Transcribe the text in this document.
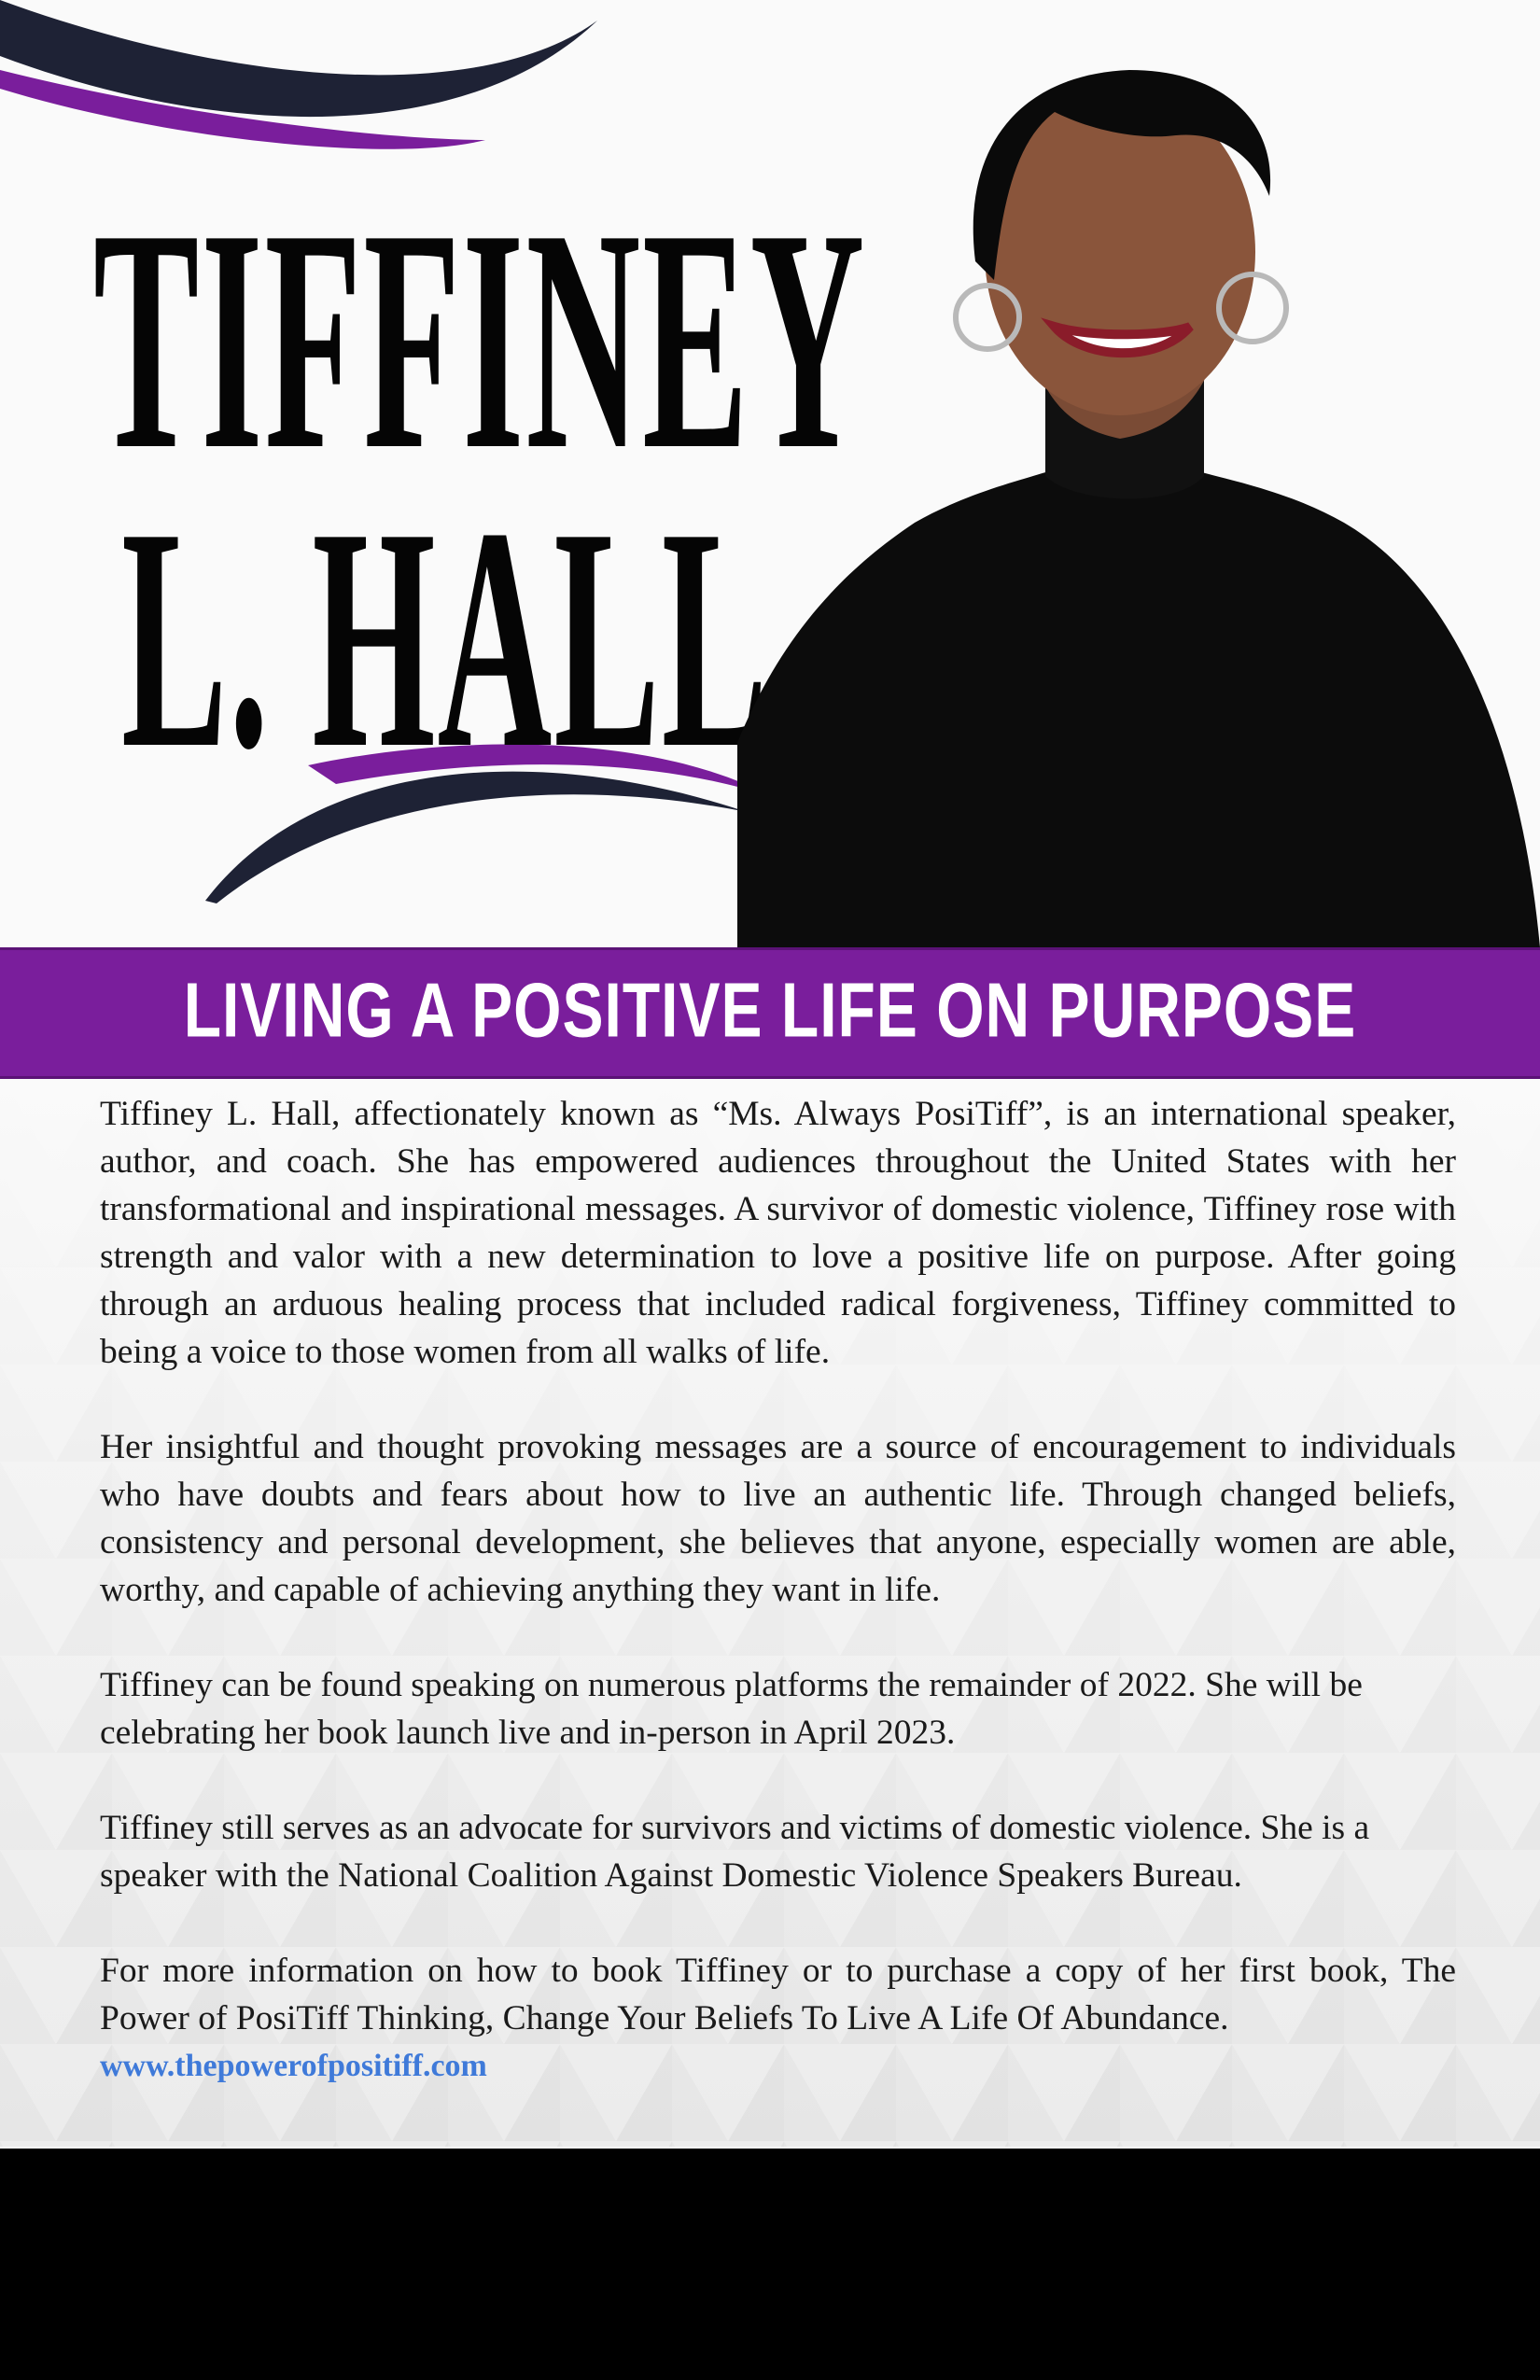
TIFFINEY
L. HALL
LIVING A POSITIVE LIFE ON PURPOSE

Tiffiney L. Hall, affectionately known as “Ms. Always PosiTiff”, is an international speaker, author, and coach. She has empowered audiences throughout the United States with her transformational and inspirational messages. A survivor of domestic violence, Tiffiney rose with strength and valor with a new determination to love a positive life on purpose. After going through an arduous healing process that included radical forgiveness, Tiffiney committed to being a voice to those women from all walks of life.

Her insightful and thought provoking messages are a source of encouragement to individuals who have doubts and fears about how to live an authentic life. Through changed beliefs, consistency and personal development, she believes that anyone, especially women are able, worthy, and capable of achieving anything they want in life.

Tiffiney can be found speaking on numerous platforms the remainder of 2022. She will be celebrating her book launch live and in-person in April 2023.

Tiffiney still serves as an advocate for survivors and victims of domestic violence. She is a speaker with the National Coalition Against Domestic Violence Speakers Bureau.

For more information on how to book Tiffiney or to purchase a copy of her first book, The Power of PosiTiff Thinking, Change Your Beliefs To Live A Life Of Abundance.

www.thepowerofpositiff.com
